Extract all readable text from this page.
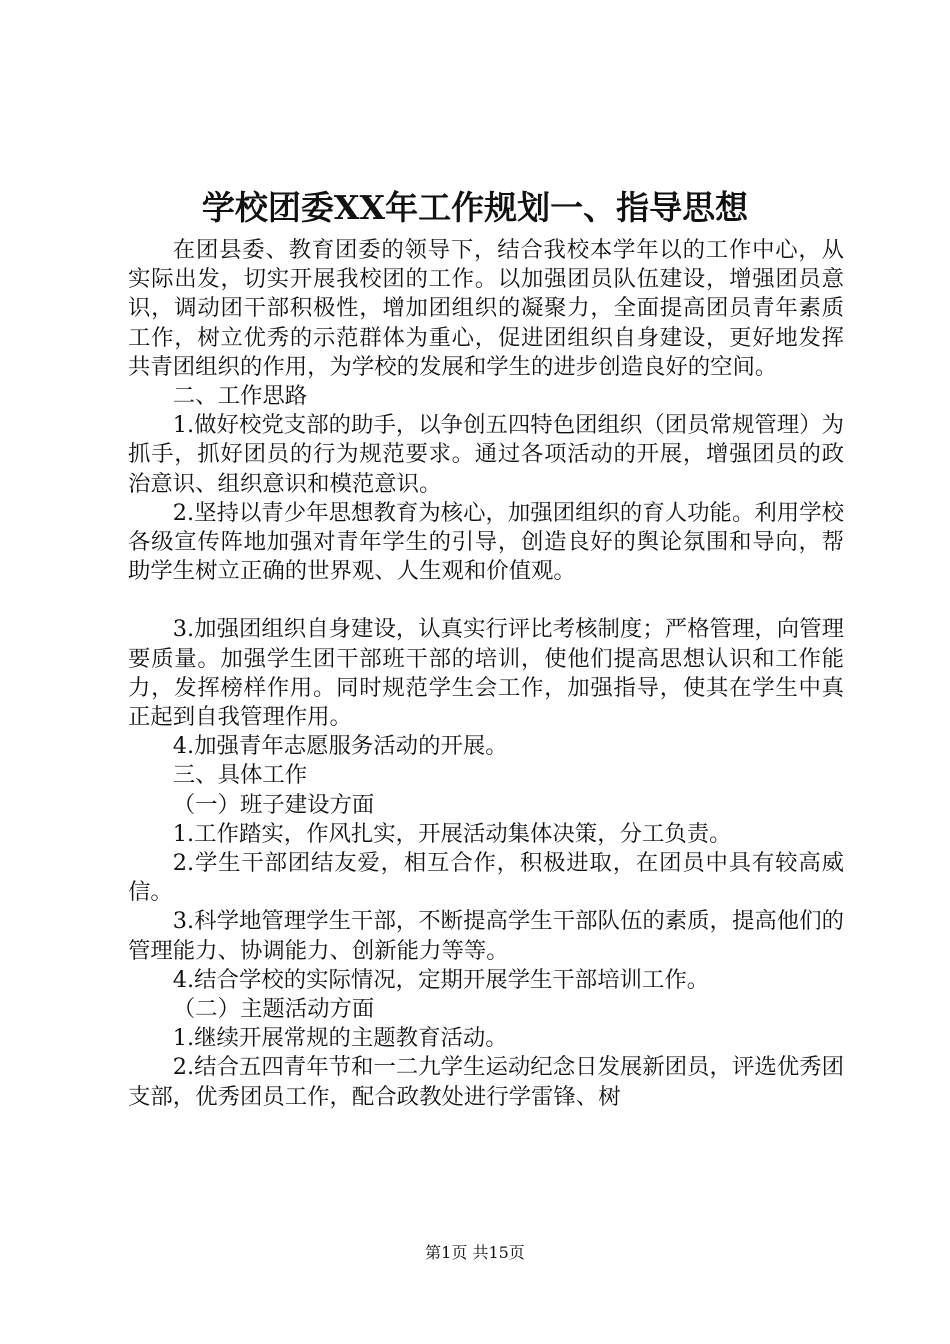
学校团委XX年工作规划一、指导思想

在团县委、教育团委的领导下，结合我校本学年以的工作中心，从实际出发，切实开展我校团的工作。以加强团员队伍建设，增强团员意识，调动团干部积极性，增加团组织的凝聚力，全面提高团员青年素质工作，树立优秀的示范群体为重心，促进团组织自身建设，更好地发挥共青团组织的作用，为学校的发展和学生的进步创造良好的空间。

二、工作思路

1.做好校党支部的助手，以争创五四特色团组织（团员常规管理）为抓手，抓好团员的行为规范要求。通过各项活动的开展，增强团员的政治意识、组织意识和模范意识。

2.坚持以青少年思想教育为核心，加强团组织的育人功能。利用学校各级宣传阵地加强对青年学生的引导，创造良好的舆论氛围和导向，帮助学生树立正确的世界观、人生观和价值观。

3.加强团组织自身建设，认真实行评比考核制度；严格管理，向管理要质量。加强学生团干部班干部的培训，使他们提高思想认识和工作能力，发挥榜样作用。同时规范学生会工作，加强指导，使其在学生中真正起到自我管理作用。

4.加强青年志愿服务活动的开展。

三、具体工作

（一）班子建设方面

1.工作踏实，作风扎实，开展活动集体决策，分工负责。

2.学生干部团结友爱，相互合作，积极进取，在团员中具有较高威信。

3.科学地管理学生干部，不断提高学生干部队伍的素质，提高他们的管理能力、协调能力、创新能力等等。

4.结合学校的实际情况，定期开展学生干部培训工作。

（二）主题活动方面

1.继续开展常规的主题教育活动。

2.结合五四青年节和一二九学生运动纪念日发展新团员，评选优秀团支部，优秀团员工作，配合政教处进行学雷锋、树

第1页 共15页
